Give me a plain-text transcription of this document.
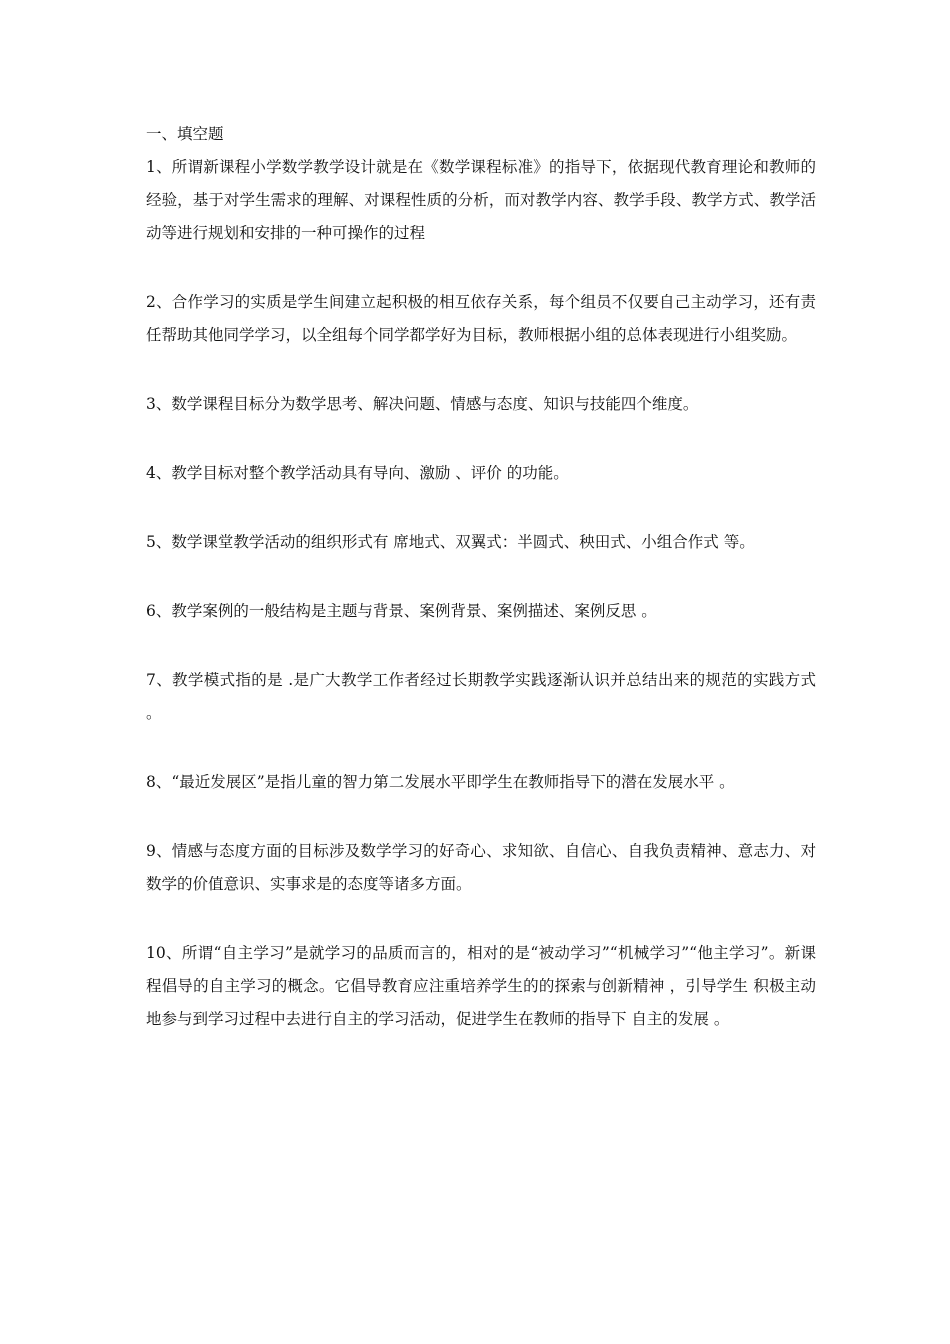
一、填空题

1、所谓新课程小学数学教学设计就是在《数学课程标准》的指导下，依据现代教育理论和教师的经验，基于对学生需求的理解、对课程性质的分析，而对教学内容、教学手段、教学方式、教学活动等进行规划和安排的一种可操作的过程

2、合作学习的实质是学生间建立起积极的相互依存关系，每个组员不仅要自己主动学习，还有责任帮助其他同学学习，以全组每个同学都学好为目标，教师根据小组的总体表现进行小组奖励。

3、数学课程目标分为数学思考、解决问题、情感与态度、知识与技能四个维度。

4、教学目标对整个教学活动具有导向、激励 、评价 的功能。

5、数学课堂教学活动的组织形式有 席地式、双翼式：半圆式、秧田式、小组合作式 等。

6、教学案例的一般结构是主题与背景、案例背景、案例描述、案例反思 。

7、教学模式指的是 .是广大教学工作者经过长期教学实践逐渐认识并总结出来的规范的实践方式 。

8、“最近发展区”是指儿童的智力第二发展水平即学生在教师指导下的潜在发展水平 。

9、情感与态度方面的目标涉及数学学习的好奇心、求知欲、自信心、自我负责精神、意志力、对数学的价值意识、实事求是的态度等诸多方面。

10、所谓“自主学习”是就学习的品质而言的，相对的是“被动学习”“机械学习”“他主学习”。新课程倡导的自主学习的概念。它倡导教育应注重培养学生的的探索与创新精神 ，引导学生 积极主动地参与到学习过程中去进行自主的学习活动，促进学生在教师的指导下 自主的发展 。
